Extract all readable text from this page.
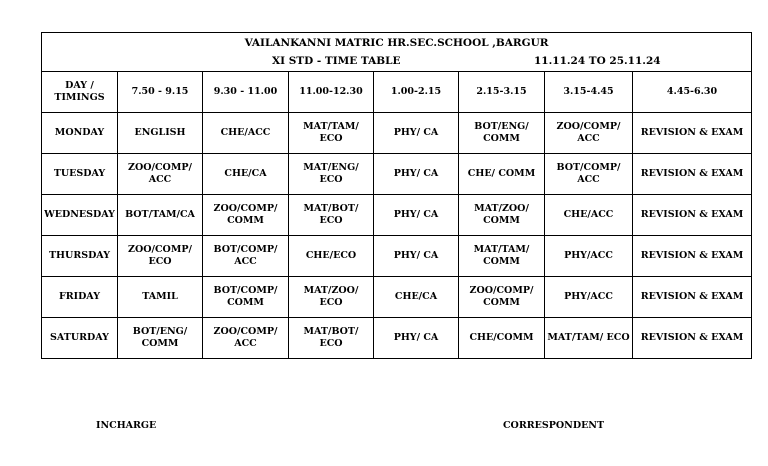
VAILANKANNI MATRIC HR.SEC.SCHOOL ,BARGUR							

XI STD - TIME TABLE 11.11.24 TO 25.11.24							

DAY / TIMINGS	7.50 - 9.15	9.30 - 11.00	11.00-12.30	1.00-2.15	2.15-3.15	3.15-4.45	4.45-6.30
MONDAY	ENGLISH	CHE/ACC	MAT/TAM/ ECO	PHY/ CA	BOT/ENG/ COMM	ZOO/COMP/ ACC	REVISION & EXAM
TUESDAY	ZOO/COMP/ ACC	CHE/CA	MAT/ENG/ ECO	PHY/ CA	CHE/ COMM	BOT/COMP/ ACC	REVISION & EXAM
WEDNESDAY	BOT/TAM/CA	ZOO/COMP/ COMM	MAT/BOT/ ECO	PHY/ CA	MAT/ZOO/ COMM	CHE/ACC	REVISION & EXAM
THURSDAY	ZOO/COMP/ ECO	BOT/COMP/ ACC	CHE/ECO	PHY/ CA	MAT/TAM/ COMM	PHY/ACC	REVISION & EXAM
FRIDAY	TAMIL	BOT/COMP/ COMM	MAT/ZOO/ ECO	CHE/CA	ZOO/COMP/ COMM	PHY/ACC	REVISION & EXAM
SATURDAY	BOT/ENG/ COMM	ZOO/COMP/ ACC	MAT/BOT/ ECO	PHY/ CA	CHE/COMM	MAT/TAM/ ECO	REVISION & EXAM
INCHARGE	CORRESPONDENT
